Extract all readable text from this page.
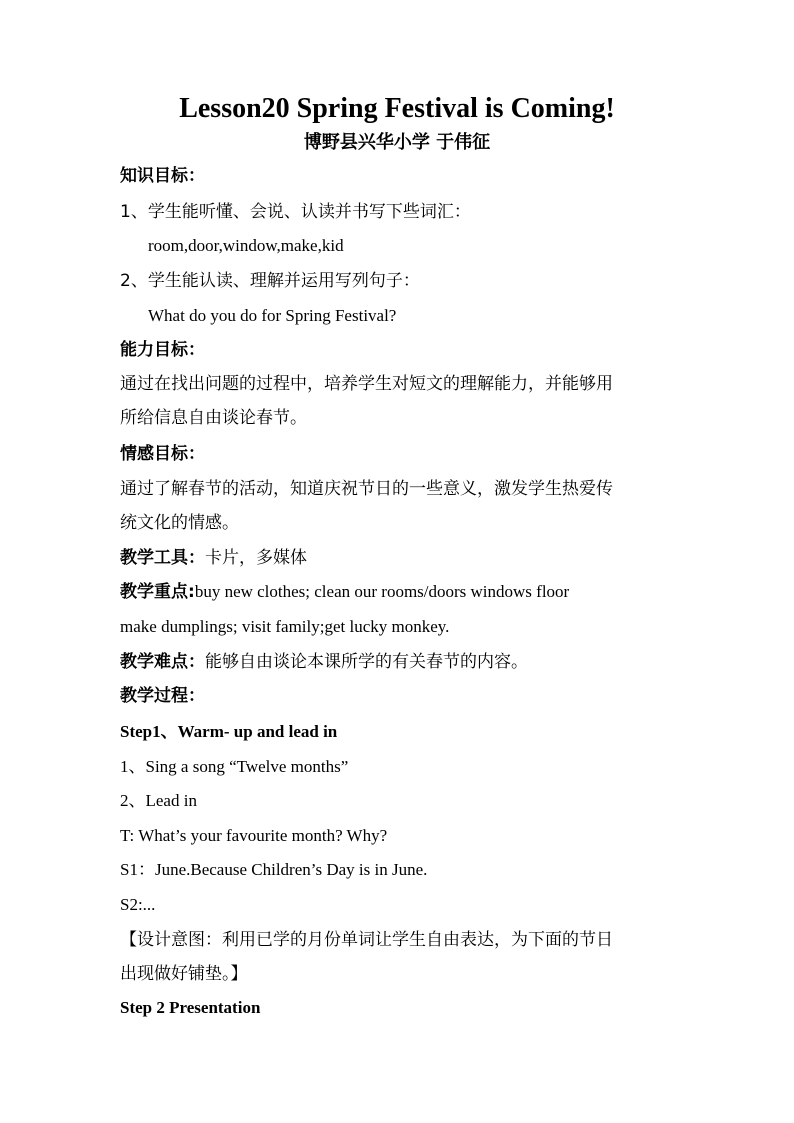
Lesson20 Spring Festival is Coming!
博野县兴华小学 于伟征
知识目标：
1、学生能听懂、会说、认读并书写下些词汇：
room,door,window,make,kid
2、学生能认读、理解并运用写列句子：
What do you do for Spring Festival?
能力目标：
通过在找出问题的过程中，培养学生对短文的理解能力，并能够用
所给信息自由谈论春节。
情感目标：
通过了解春节的活动，知道庆祝节日的一些意义，激发学生热爱传
统文化的情感。
教学工具：卡片，多媒体
教学重点:buy new clothes; clean our rooms/doors windows floor
make dumplings; visit family;get lucky monkey.
教学难点：能够自由谈论本课所学的有关春节的内容。
教学过程：
Step1、Warm- up and lead in
1、Sing a song “Twelve months”
2、Lead in
T: What’s your favourite month? Why?
S1：June.Because Children’s Day is in June.
S2:...
【设计意图：利用已学的月份单词让学生自由表达，为下面的节日
出现做好铺垫。】
Step 2 Presentation
